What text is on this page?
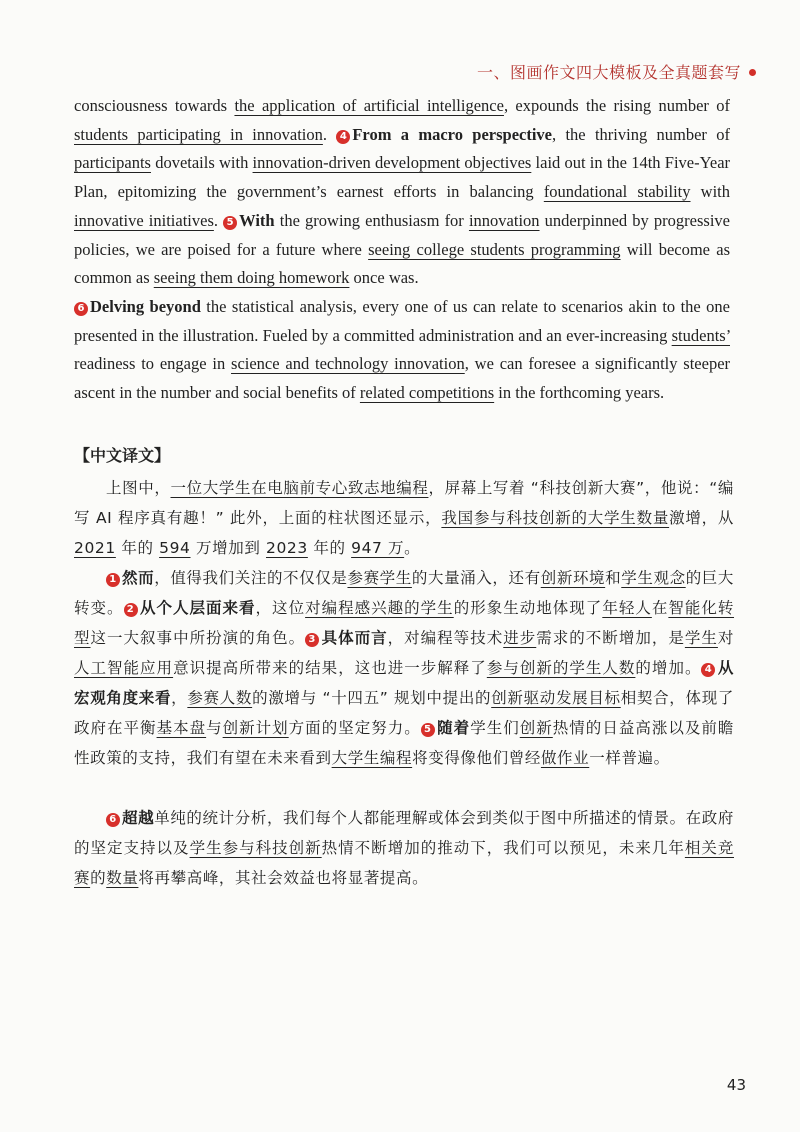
一、图画作文四大模板及全真题套写

consciousness towards the application of artificial intelligence, expounds the rising number of students participating in innovation. 4 From a macro perspective, the thriving number of participants dovetails with innovation-driven development objectives laid out in the 14th Five-Year Plan, epitomizing the government’s earnest efforts in balancing foundational stability with innovative initiatives. 5 With the growing enthusiasm for innovation underpinned by progressive policies, we are poised for a future where seeing college students programming will become as common as seeing them doing homework once was.

6 Delving beyond the statistical analysis, every one of us can relate to scenarios akin to the one presented in the illustration. Fueled by a committed administration and an ever-increasing students’ readiness to engage in science and technology innovation, we can foresee a significantly steeper ascent in the number and social benefits of related competitions in the forthcoming years.

【中文译文】

上图中，一位大学生在电脑前专心致志地编程，屏幕上写着 “科技创新大赛”，他说：“编写 AI 程序真有趣！” 此外，上面的柱状图还显示，我国参与科技创新的大学生数量激增，从2021 年的 594 万增加到 2023 年的 947 万。

1 然而，值得我们关注的不仅仅是参赛学生的大量涌入，还有创新环境和学生观念的巨大转变。 2 从个人层面来看，这位对编程感兴趣的学生的形象生动地体现了年轻人在智能化转型这一大叙事中所扮演的角色。 3 具体而言，对编程等技术进步需求的不断增加，是学生对人工智能应用意识提高所带来的结果，这也进一步解释了参与创新的学生人数的增加。 4 从宏观角度来看，参赛人数的激增与 “十四五” 规划中提出的创新驱动发展目标相契合，体现了政府在平衡基本盘与创新计划方面的坚定努力。 5 随着学生们创新热情的日益高涨以及前瞻性政策的支持，我们有望在未来看到大学生编程将变得像他们曾经做作业一样普遍。

6 超越单纯的统计分析，我们每个人都能理解或体会到类似于图中所描述的情景。在政府的坚定支持以及学生参与科技创新热情不断增加的推动下，我们可以预见，未来几年相关竞赛的数量将再攀高峰，其社会效益也将显著提高。

43
